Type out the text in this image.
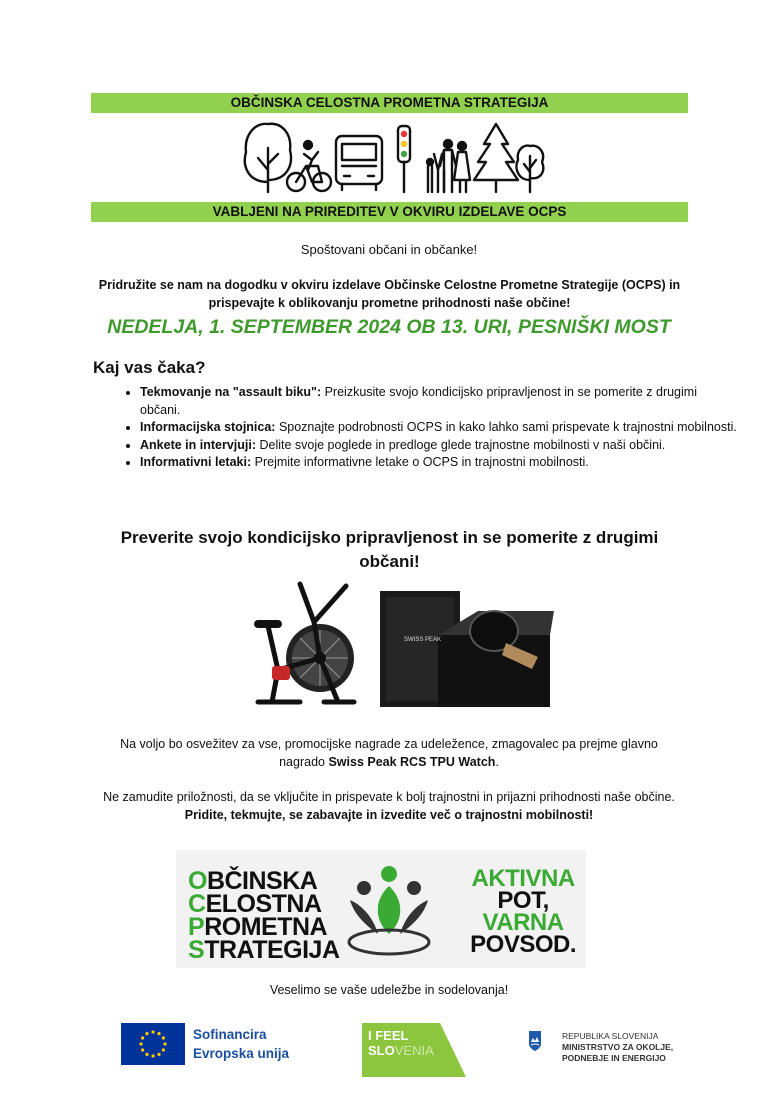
OBČINSKA CELOSTNA PROMETNA STRATEGIJA
VABLJENI NA PRIREDITEV V OKVIRU IZDELAVE OCPS
Spoštovani občani in občanke!
Pridružite se nam na dogodku v okviru izdelave Občinske Celostne Prometne Strategije (OCPS) in prispevajte k oblikovanju prometne prihodnosti naše občine!
NEDELJA, 1. SEPTEMBER 2024 OB 13. URI, PESNIŠKI MOST
Kaj vas čaka?
• Tekmovanje na "assault biku": Preizkusite svojo kondicijsko pripravljenost in se pomerite z drugimi občani.
• Informacijska stojnica: Spoznajte podrobnosti OCPS in kako lahko sami prispevate k trajnostni mobilnosti.
• Ankete in intervjuji: Delite svoje poglede in predloge glede trajnostne mobilnosti v naši občini.
• Informativni letaki: Prejmite informativne letake o OCPS in trajnostni mobilnosti.
Preverite svojo kondicijsko pripravljenost in se pomerite z drugimi občani!
SWISS PEAK
Na voljo bo osvežitev za vse, promocijske nagrade za udeležence, zmagovalec pa prejme glavno nagrado Swiss Peak RCS TPU Watch.
Ne zamudite priložnosti, da se vključite in prispevate k bolj trajnostni in prijazni prihodnosti naše občine.
Pridite, tekmujte, se zabavajte in izvedite več o trajnostni mobilnosti!
OBČINSKA
CELOSTNA
PROMETNA
STRATEGIJA
AKTIVNA
POT,
VARNA
POVSOD.
Veselimo se vaše udeležbe in sodelovanja!
Sofinancira
Evropska unija
I FEEL
SLOVENIA
REPUBLIKA SLOVENIJA
MINISTRSTVO ZA OKOLJE,
PODNEBJE IN ENERGIJO
